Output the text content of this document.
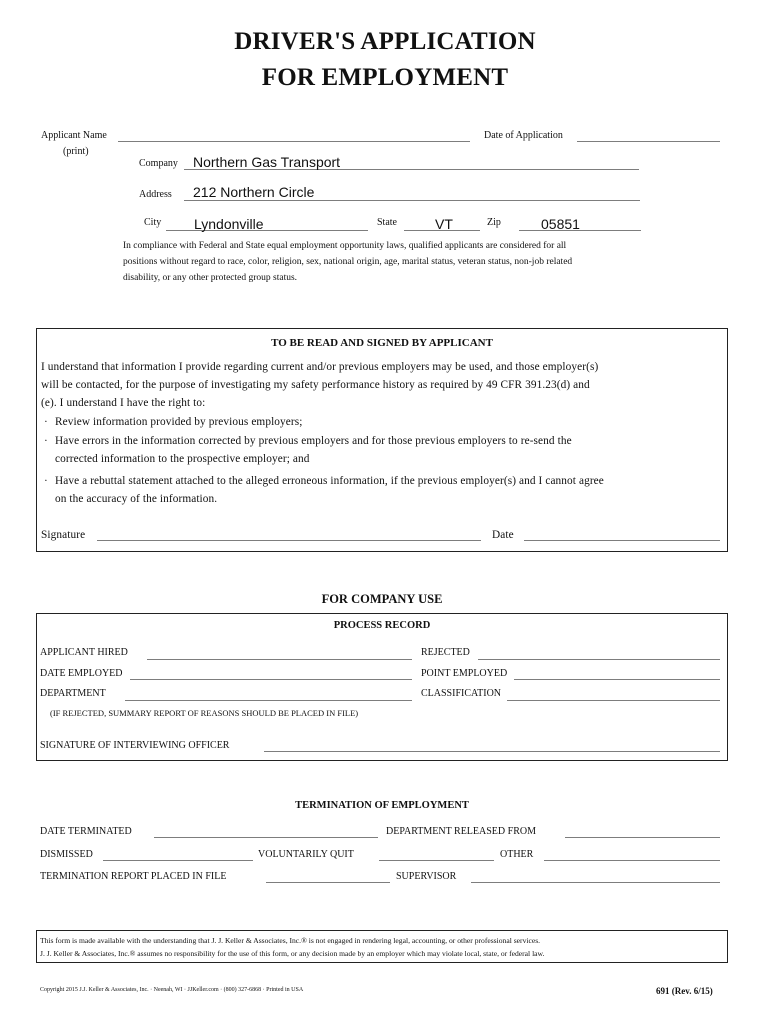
DRIVER'S APPLICATION
FOR EMPLOYMENT
Applicant Name
(print)
Date of Application
Company Northern Gas Transport
Address 212 Northern Circle
City Lyndonville	State	VT	Zip	05851
In compliance with Federal and State equal employment opportunity laws, qualified applicants are considered for all
positions without regard to race, color, religion, sex, national origin, age, marital status, veteran status, non-job related
disability, or any other protected group status.
TO BE READ AND SIGNED BY APPLICANT
I understand that information I provide regarding current and/or previous employers may be used, and those employer(s)
will be contacted, for the purpose of investigating my safety performance history as required by 49 CFR 391.23(d) and
(e). I understand I have the right to:
· Review information provided by previous employers;
· Have errors in the information corrected by previous employers and for those previous employers to re-send the
corrected information to the prospective employer; and
· Have a rebuttal statement attached to the alleged erroneous information, if the previous employer(s) and I cannot agree
on the accuracy of the information.
Signature	Date
FOR COMPANY USE
PROCESS RECORD
APPLICANT HIRED	REJECTED
DATE EMPLOYED	POINT EMPLOYED
DEPARTMENT	CLASSIFICATION
(IF REJECTED, SUMMARY REPORT OF REASONS SHOULD BE PLACED IN FILE)
SIGNATURE OF INTERVIEWING OFFICER
TERMINATION OF EMPLOYMENT
DATE TERMINATED	DEPARTMENT RELEASED FROM
DISMISSED	VOLUNTARILY QUIT	OTHER
TERMINATION REPORT PLACED IN FILE	SUPERVISOR
This form is made available with the understanding that J. J. Keller & Associates, Inc.® is not engaged in rendering legal, accounting, or other professional services.
J. J. Keller & Associates, Inc.® assumes no responsibility for the use of this form, or any decision made by an employer which may violate local, state, or federal law.
Copyright 2015 J.J. Keller & Associates, Inc. · Neenah, WI · JJKeller.com · (800) 327-6868 · Printed in USA	691 (Rev. 6/15)
